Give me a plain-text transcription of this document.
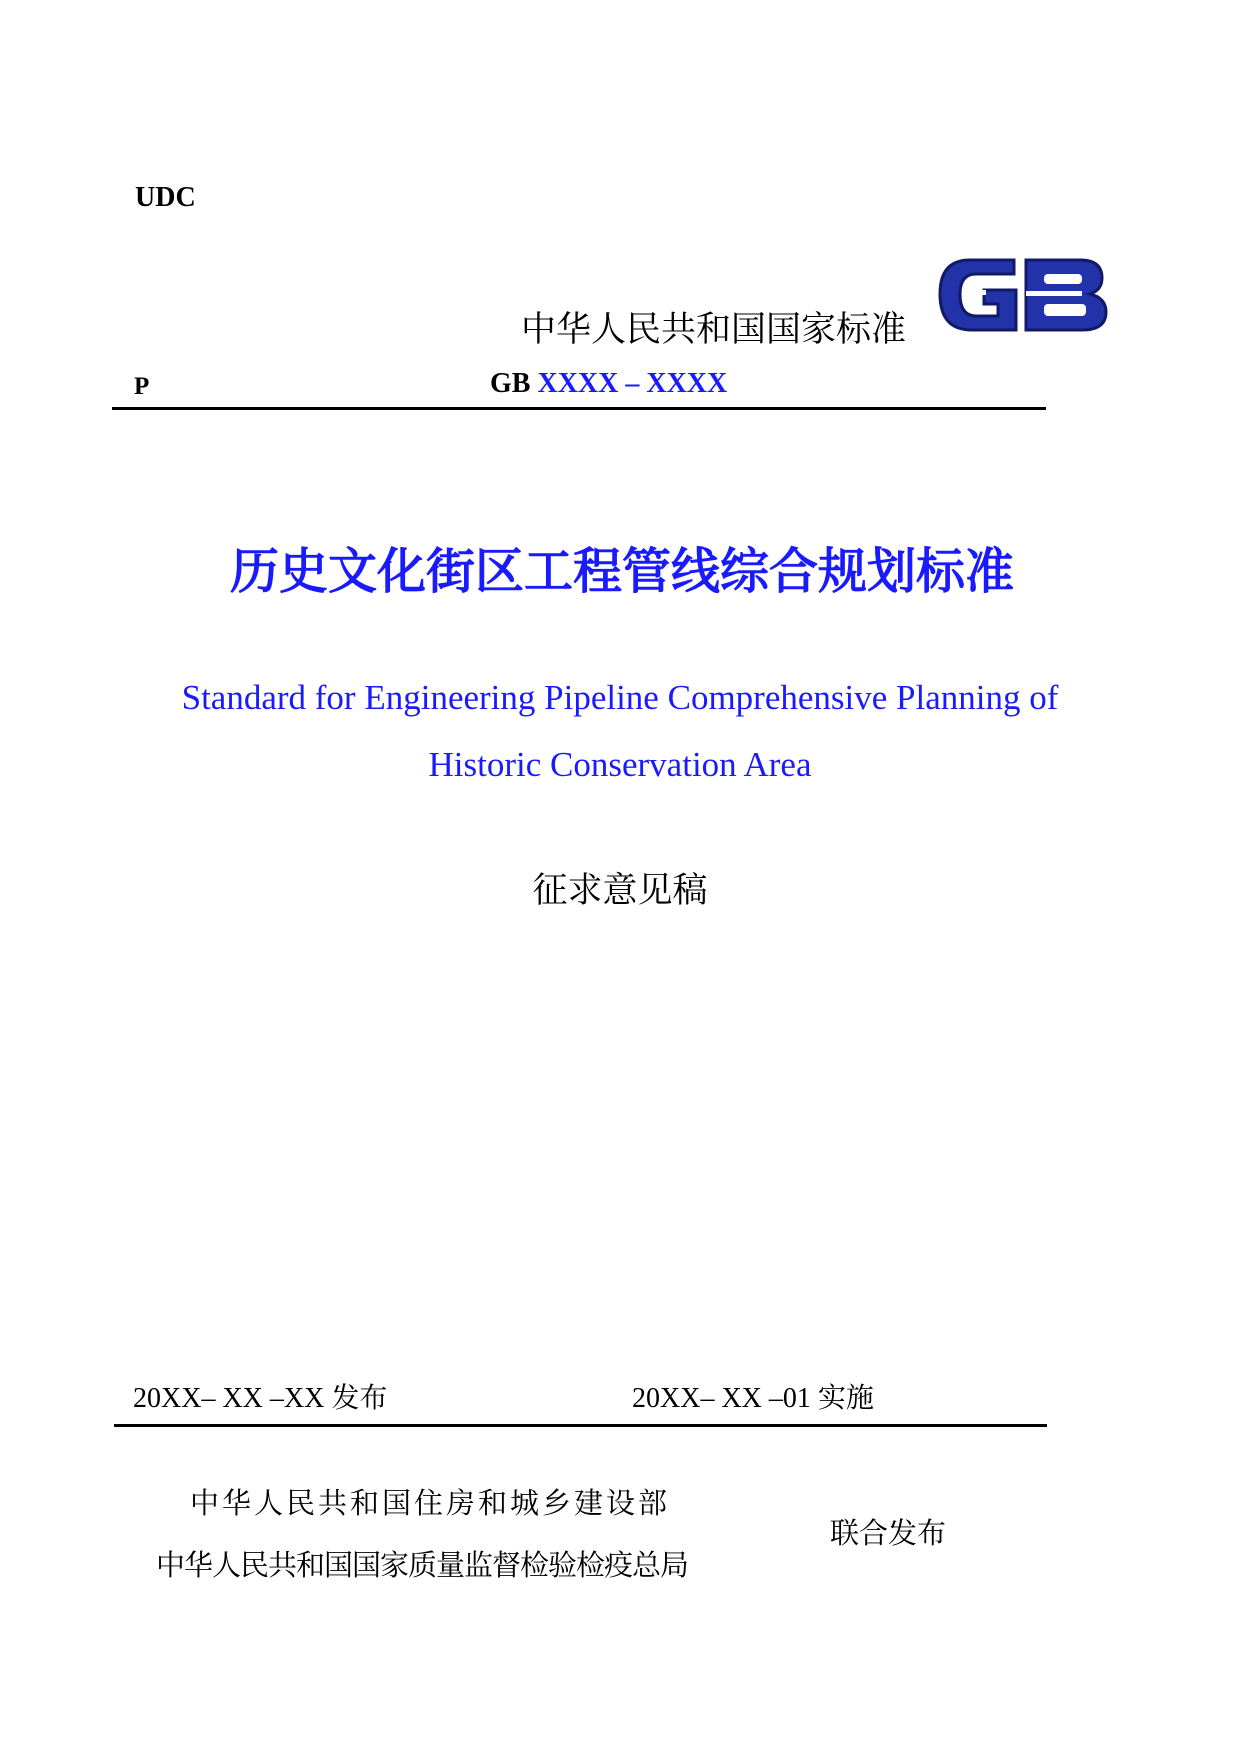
UDC
中华人民共和国国家标准
P	GB XXXX – XXXX
历史文化街区工程管线综合规划标准
Standard for Engineering Pipeline Comprehensive Planning of
Historic Conservation Area
征求意见稿
20XX– XX –XX 发布	20XX– XX –01 实施
中华人民共和国住房和城乡建设部
中华人民共和国国家质量监督检验检疫总局
联合发布
